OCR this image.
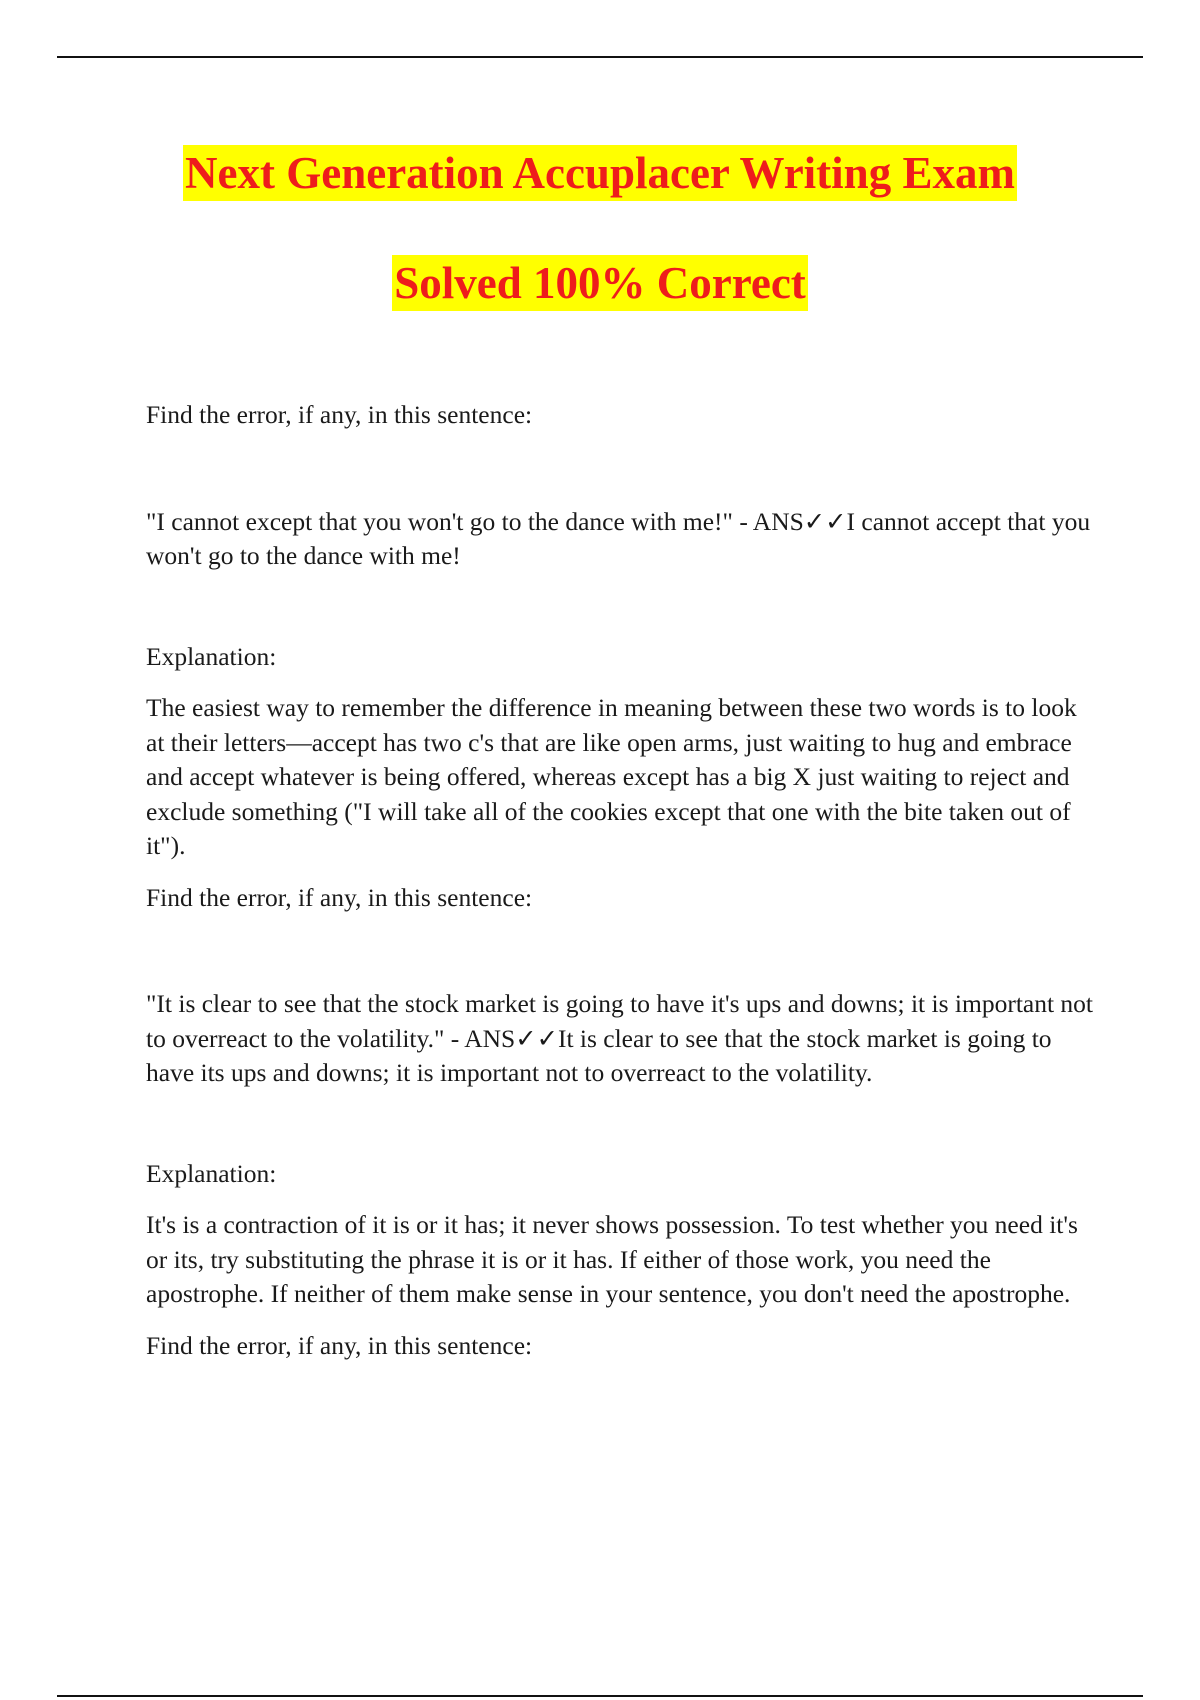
Next Generation Accuplacer Writing Exam
Solved 100% Correct

Find the error, if any, in this sentence:

"I cannot except that you won't go to the dance with me!" - ANS✓✓I cannot accept that you won't go to the dance with me!

Explanation:

The easiest way to remember the difference in meaning between these two words is to look at their letters—accept has two c's that are like open arms, just waiting to hug and embrace and accept whatever is being offered, whereas except has a big X just waiting to reject and exclude something ("I will take all of the cookies except that one with the bite taken out of it").

Find the error, if any, in this sentence:

"It is clear to see that the stock market is going to have it's ups and downs; it is important not to overreact to the volatility." - ANS✓✓It is clear to see that the stock market is going to have its ups and downs; it is important not to overreact to the volatility.

Explanation:

It's is a contraction of it is or it has; it never shows possession. To test whether you need it's or its, try substituting the phrase it is or it has. If either of those work, you need the apostrophe. If neither of them make sense in your sentence, you don't need the apostrophe.

Find the error, if any, in this sentence:
